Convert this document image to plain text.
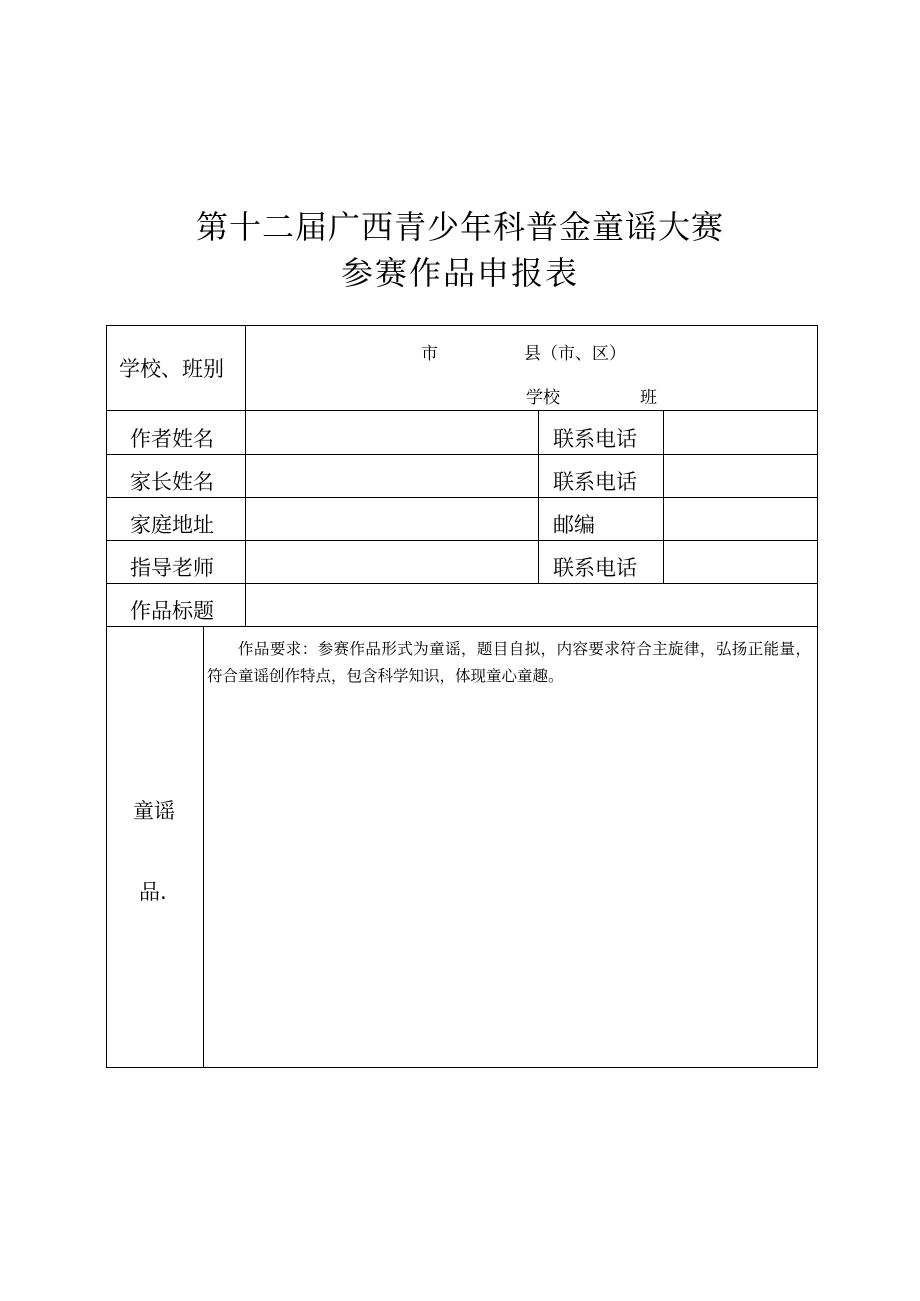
第十二届广西青少年科普金童谣大赛
参赛作品申报表
学校、班别
市	县（市、区）
学校	班
作者姓名	联系电话
家长姓名	联系电话
家庭地址	邮编
指导老师	联系电话
作品标题
童谣
品.

作品要求：参赛作品形式为童谣，题目自拟，内容要求符合主旋律，弘扬正能量，符合童谣创作特点，包含科学知识，体现童心童趣。
